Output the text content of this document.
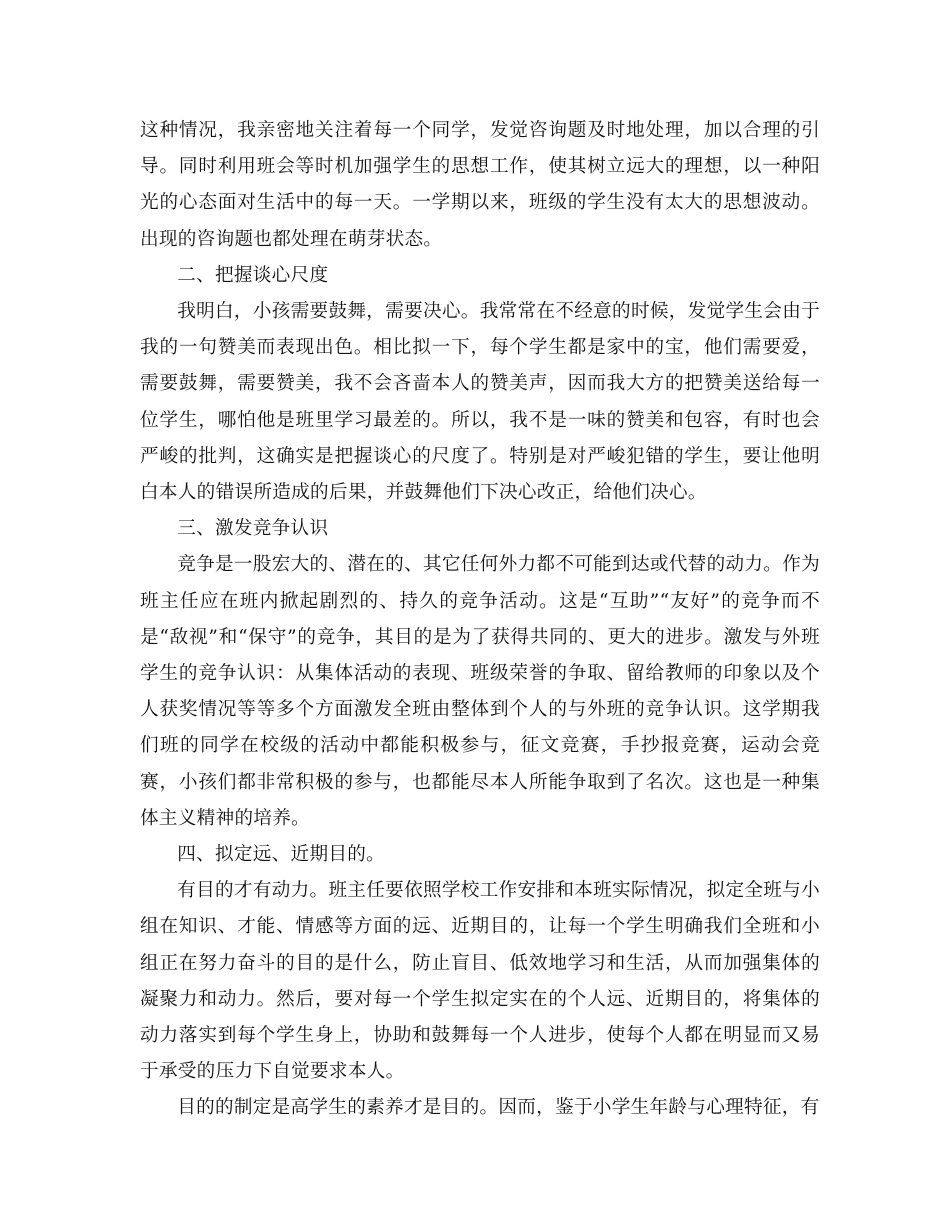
这种情况，我亲密地关注着每一个同学，发觉咨询题及时地处理，加以合理的引导。同时利用班会等时机加强学生的思想工作，使其树立远大的理想，以一种阳光的心态面对生活中的每一天。一学期以来，班级的学生没有太大的思想波动。出现的咨询题也都处理在萌芽状态。

二、把握谈心尺度

我明白，小孩需要鼓舞，需要决心。我常常在不经意的时候，发觉学生会由于我的一句赞美而表现出色。相比拟一下，每个学生都是家中的宝，他们需要爱，需要鼓舞，需要赞美，我不会吝啬本人的赞美声，因而我大方的把赞美送给每一位学生，哪怕他是班里学习最差的。所以，我不是一味的赞美和包容，有时也会严峻的批判，这确实是把握谈心的尺度了。特别是对严峻犯错的学生，要让他明白本人的错误所造成的后果，并鼓舞他们下决心改正，给他们决心。

三、激发竞争认识

竞争是一股宏大的、潜在的、其它任何外力都不可能到达或代替的动力。作为班主任应在班内掀起剧烈的、持久的竞争活动。这是“互助”“友好”的竞争而不是“敌视”和“保守”的竞争，其目的是为了获得共同的、更大的进步。激发与外班学生的竞争认识：从集体活动的表现、班级荣誉的争取、留给教师的印象以及个人获奖情况等等多个方面激发全班由整体到个人的与外班的竞争认识。这学期我们班的同学在校级的活动中都能积极参与，征文竞赛，手抄报竞赛，运动会竞赛，小孩们都非常积极的参与，也都能尽本人所能争取到了名次。这也是一种集体主义精神的培养。

四、拟定远、近期目的。

有目的才有动力。班主任要依照学校工作安排和本班实际情况，拟定全班与小组在知识、才能、情感等方面的远、近期目的，让每一个学生明确我们全班和小组正在努力奋斗的目的是什么，防止盲目、低效地学习和生活，从而加强集体的凝聚力和动力。然后，要对每一个学生拟定实在的个人远、近期目的，将集体的动力落实到每个学生身上，协助和鼓舞每一个人进步，使每个人都在明显而又易于承受的压力下自觉要求本人。

目的的制定是高学生的素养才是目的。因而，鉴于小学生年龄与心理特征，有
